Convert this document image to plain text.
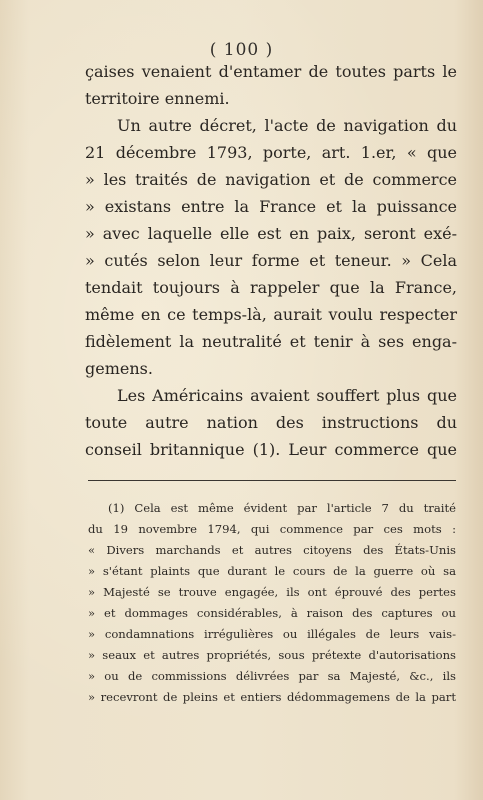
( 100 )
çaises venaient d'entamer de toutes parts le
territoire ennemi.
Un autre décret, l'acte de navigation du
21 décembre 1793, porte, art. 1.er, « que
» les traités de navigation et de commerce
» existans entre la France et la puissance
» avec laquelle elle est en paix, seront exé-
» cutés selon leur forme et teneur. » Cela
tendait toujours à rappeler que la France,
même en ce temps-là, aurait voulu respecter
fidèlement la neutralité et tenir à ses enga-
gemens.
Les Américains avaient souffert plus que
toute autre nation des instructions du
conseil britannique (1). Leur commerce que
(1) Cela est même évident par l'article 7 du traité
du 19 novembre 1794, qui commence par ces mots :
« Divers marchands et autres citoyens des États-Unis
» s'étant plaints que durant le cours de la guerre où sa
» Majesté se trouve engagée, ils ont éprouvé des pertes
» et dommages considérables, à raison des captures ou
» condamnations irrégulières ou illégales de leurs vais-
» seaux et autres propriétés, sous prétexte d'autorisations
» ou de commissions délivrées par sa Majesté, &c., ils
» recevront de pleins et entiers dédommagemens de la part
